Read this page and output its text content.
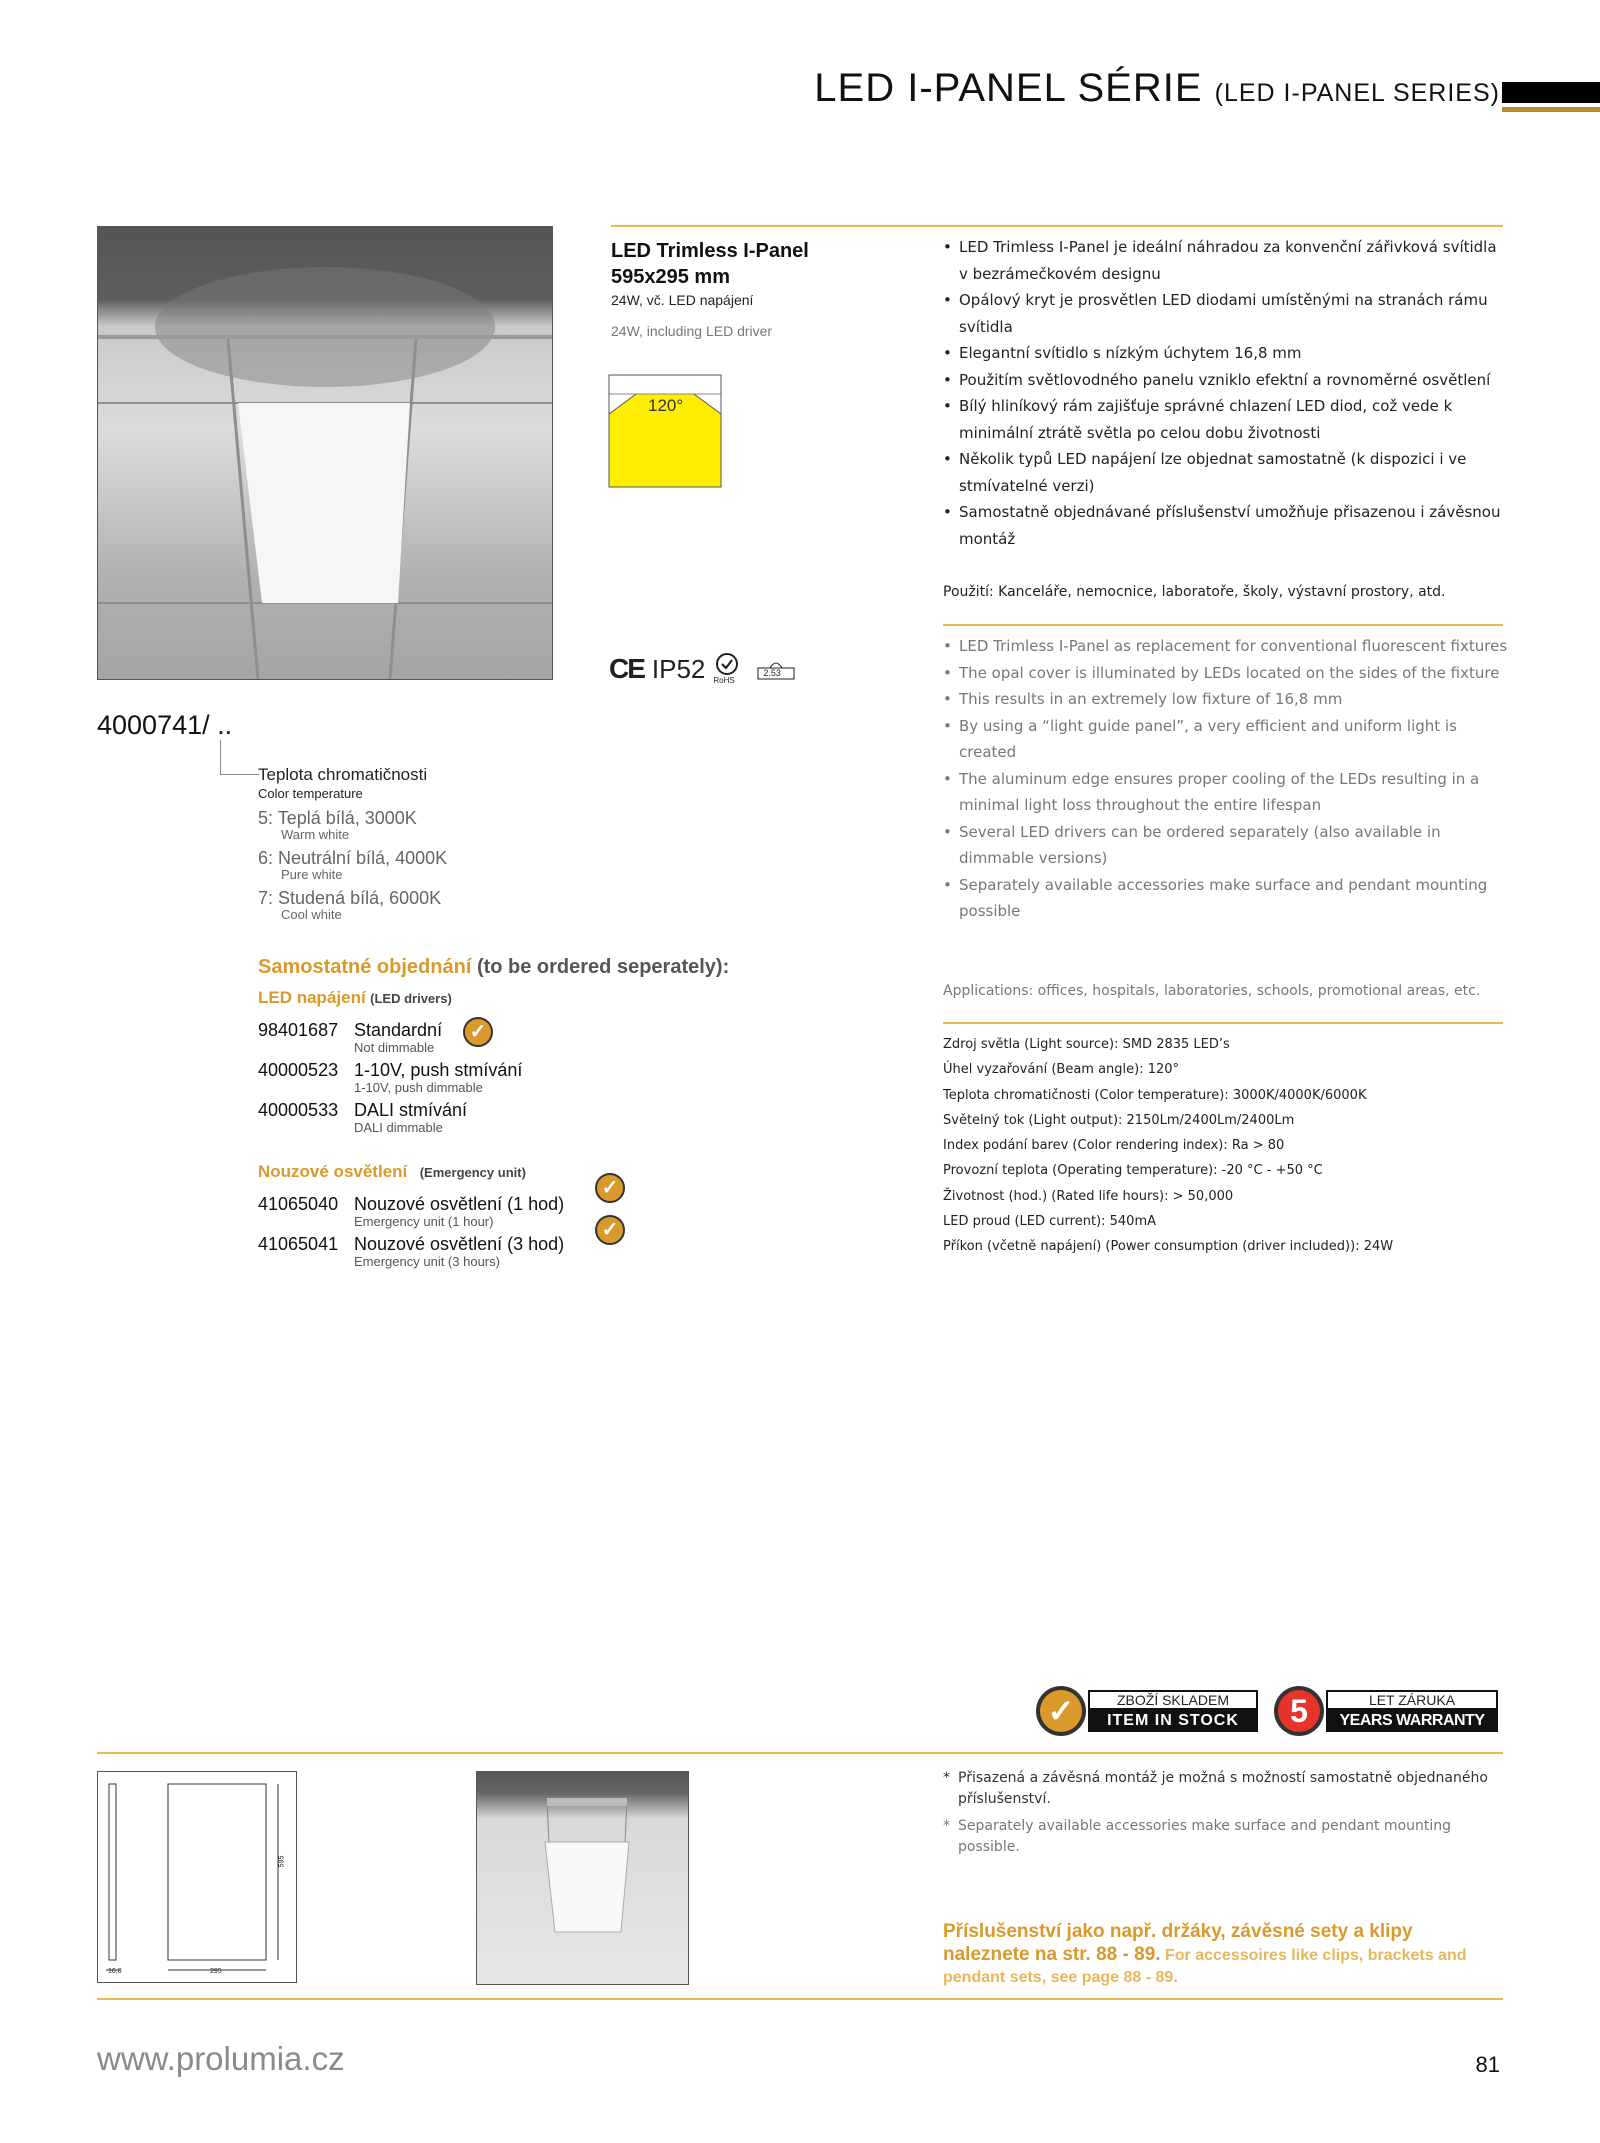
LED I-PANEL SÉRIE (LED I-PANEL SERIES)
LED Trimless I-Panel
595x295 mm
24W, vč. LED napájení
24W, including LED driver
120°
CE IP52 RoHS
2.53
4000741/ ..
Teplota chromatičnosti
Color temperature
5: Teplá bílá, 3000K
Warm white
6: Neutrální bílá, 4000K
Pure white
7: Studená bílá, 6000K
Cool white
Samostatné objednání (to be ordered seperately):
LED napájení (LED drivers)
98401687 Standardní
Not dimmable
✓
40000523 1-10V, push stmívání
1-10V, push dimmable
40000533 DALI stmívání
DALI dimmable
Nouzové osvětlení (Emergency unit)
41065040 Nouzové osvětlení (1 hod)
Emergency unit (1 hour)
✓
41065041 Nouzové osvětlení (3 hod)
Emergency unit (3 hours)
✓
• LED Trimless I-Panel je ideální náhradou za konvenční zářivková svítidla v bezrámečkovém designu
• Opálový kryt je prosvětlen LED diodami umístěnými na stranách rámu svítidla
• Elegantní svítidlo s nízkým úchytem 16,8 mm
• Použitím světlovodného panelu vzniklo efektní a rovnoměrné osvětlení
• Bílý hliníkový rám zajišťuje správné chlazení LED diod, což vede k minimální ztrátě světla po celou dobu životnosti
• Několik typů LED napájení lze objednat samostatně (k dispozici i ve stmívatelné verzi)
• Samostatně objednávané příslušenství umožňuje přisazenou i závěsnou montáž
Použití: Kanceláře, nemocnice, laboratoře, školy, výstavní prostory, atd.
• LED Trimless I-Panel as replacement for conventional fluorescent fixtures
• The opal cover is illuminated by LEDs located on the sides of the fixture
• This results in an extremely low fixture of 16,8 mm
• By using a “light guide panel”, a very efficient and uniform light is created
• The aluminum edge ensures proper cooling of the LEDs resulting in a minimal light loss throughout the entire lifespan
• Several LED drivers can be ordered separately (also available in dimmable versions)
• Separately available accessories make surface and pendant mounting possible
Applications: offices, hospitals, laboratories, schools, promotional areas, etc.
Zdroj světla (Light source): SMD 2835 LED’s
Úhel vyzařování (Beam angle): 120°
Teplota chromatičnosti (Color temperature): 3000K/4000K/6000K
Světelný tok (Light output): 2150Lm/2400Lm/2400Lm
Index podání barev (Color rendering index): Ra > 80
Provozní teplota (Operating temperature): -20 °C - +50 °C
Životnost (hod.) (Rated life hours): > 50,000
LED proud (LED current): 540mA
Příkon (včetně napájení) (Power consumption (driver included)): 24W
✓	ZBOŽÍ SKLADEM
ITEM IN STOCK	5	LET ZÁRUKA
YEARS WARRANTY
595
295
16,8
* Přisazená a závěsná montáž je možná s možností samostatně objednaného příslušenství.
* Separately available accessories make surface and pendant mounting possible.
Příslušenství jako např. držáky, závěsné sety a klipy naleznete na str. 88 - 89. For accessoires like clips, brackets and pendant sets, see page 88 - 89.
www.prolumia.cz	81
